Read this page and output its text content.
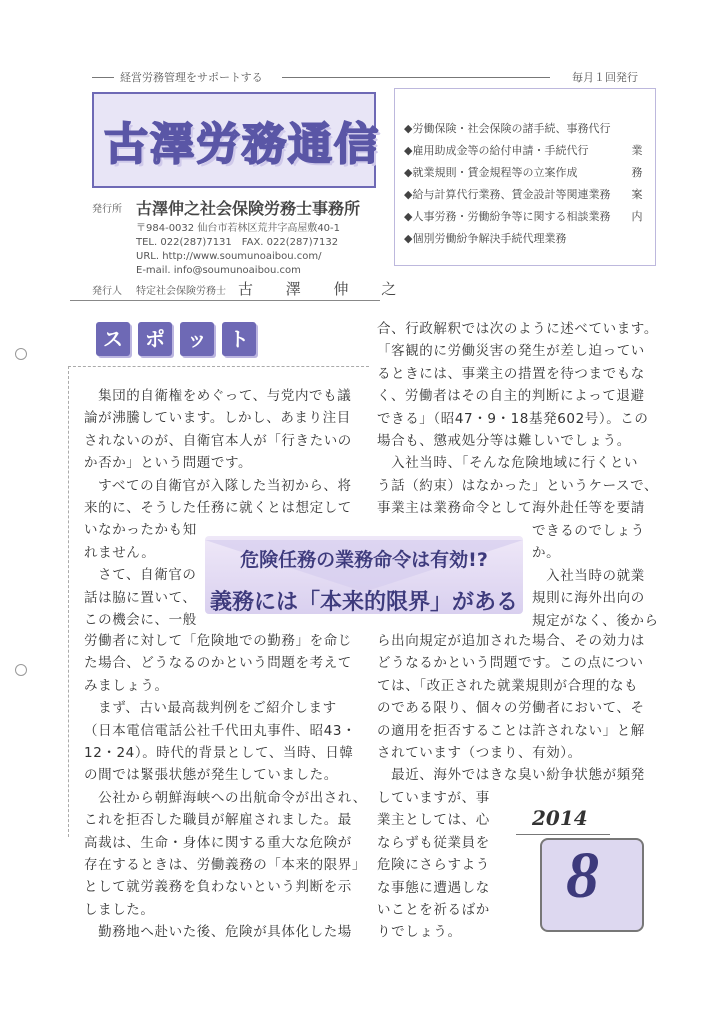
経営労務管理をサポートする	毎月１回発行
古澤労務通信
発行所 古澤伸之社会保険労務士事務所
〒984-0032 仙台市若林区荒井字高屋敷40-1
TEL. 022(287)7131　FAX. 022(287)7132
URL. http://www.soumunoaibou.com/
E-mail. info@soumunoaibou.com
発行人 特定社会保険労務士 古 澤 伸 之
◆労働保険・社会保険の諸手続、事務代行
◆雇用助成金等の給付申請・手続代行
◆就業規則・賃金規程等の立案作成
◆給与計算代行業務、賃金設計等関連業務
◆人事労務・労働紛争等に関する相談業務
◆個別労働紛争解決手続代理業務
業
務
案
内
ス	ポ	ッ	ト

　集団的自衛権をめぐって、与党内でも議

論が沸騰しています。しかし、あまり注目

されないのが、自衛官本人が「行きたいの

か否か」という問題です。

　すべての自衛官が入隊した当初から、将

来的に、そうした任務に就くとは想定して

いなかったかも知

れません。

　さて、自衛官の

話は脇に置いて、

この機会に、一般

労働者に対して「危険地での勤務」を命じ

た場合、どうなるのかという問題を考えて

みましょう。

　まず、古い最高裁判例をご紹介します

（日本電信電話公社千代田丸事件、昭43・

12・24）。時代的背景として、当時、日韓

の間では緊張状態が発生していました。

　公社から朝鮮海峡への出航命令が出され、

これを拒否した職員が解雇されました。最

高裁は、生命・身体に関する重大な危険が

存在するときは、労働義務の「本来的限界」

として就労義務を負わないという判断を示

しました。

　勤務地へ赴いた後、危険が具体化した場

合、行政解釈では次のように述べています。

「客観的に労働災害の発生が差し迫ってい

るときには、事業主の措置を待つまでもな

く、労働者はその自主的判断によって退避

できる」（昭47・9・18基発602号）。この

場合も、懲戒処分等は難しいでしょう。

　入社当時、「そんな危険地域に行くとい

う話（約束）はなかった」というケースで、

事業主は業務命令として海外赴任等を要請

できるのでしょう

か。

　入社当時の就業

規則に海外出向の

規定がなく、後から

ら出向規定が追加された場合、その効力は

どうなるかという問題です。この点につい

ては、「改正された就業規則が合理的なも

のである限り、個々の労働者において、そ

の適用を拒否することは許されない」と解

されています（つまり、有効）。

　最近、海外ではきな臭い紛争状態が頻発

していますが、事

業主としては、心

ならずも従業員を

危険にさらすよう

な事態に遭遇しな

いことを祈るばか

りでしょう。

危険任務の業務命令は有効!?
義務には「本来的限界」がある
2014
8
